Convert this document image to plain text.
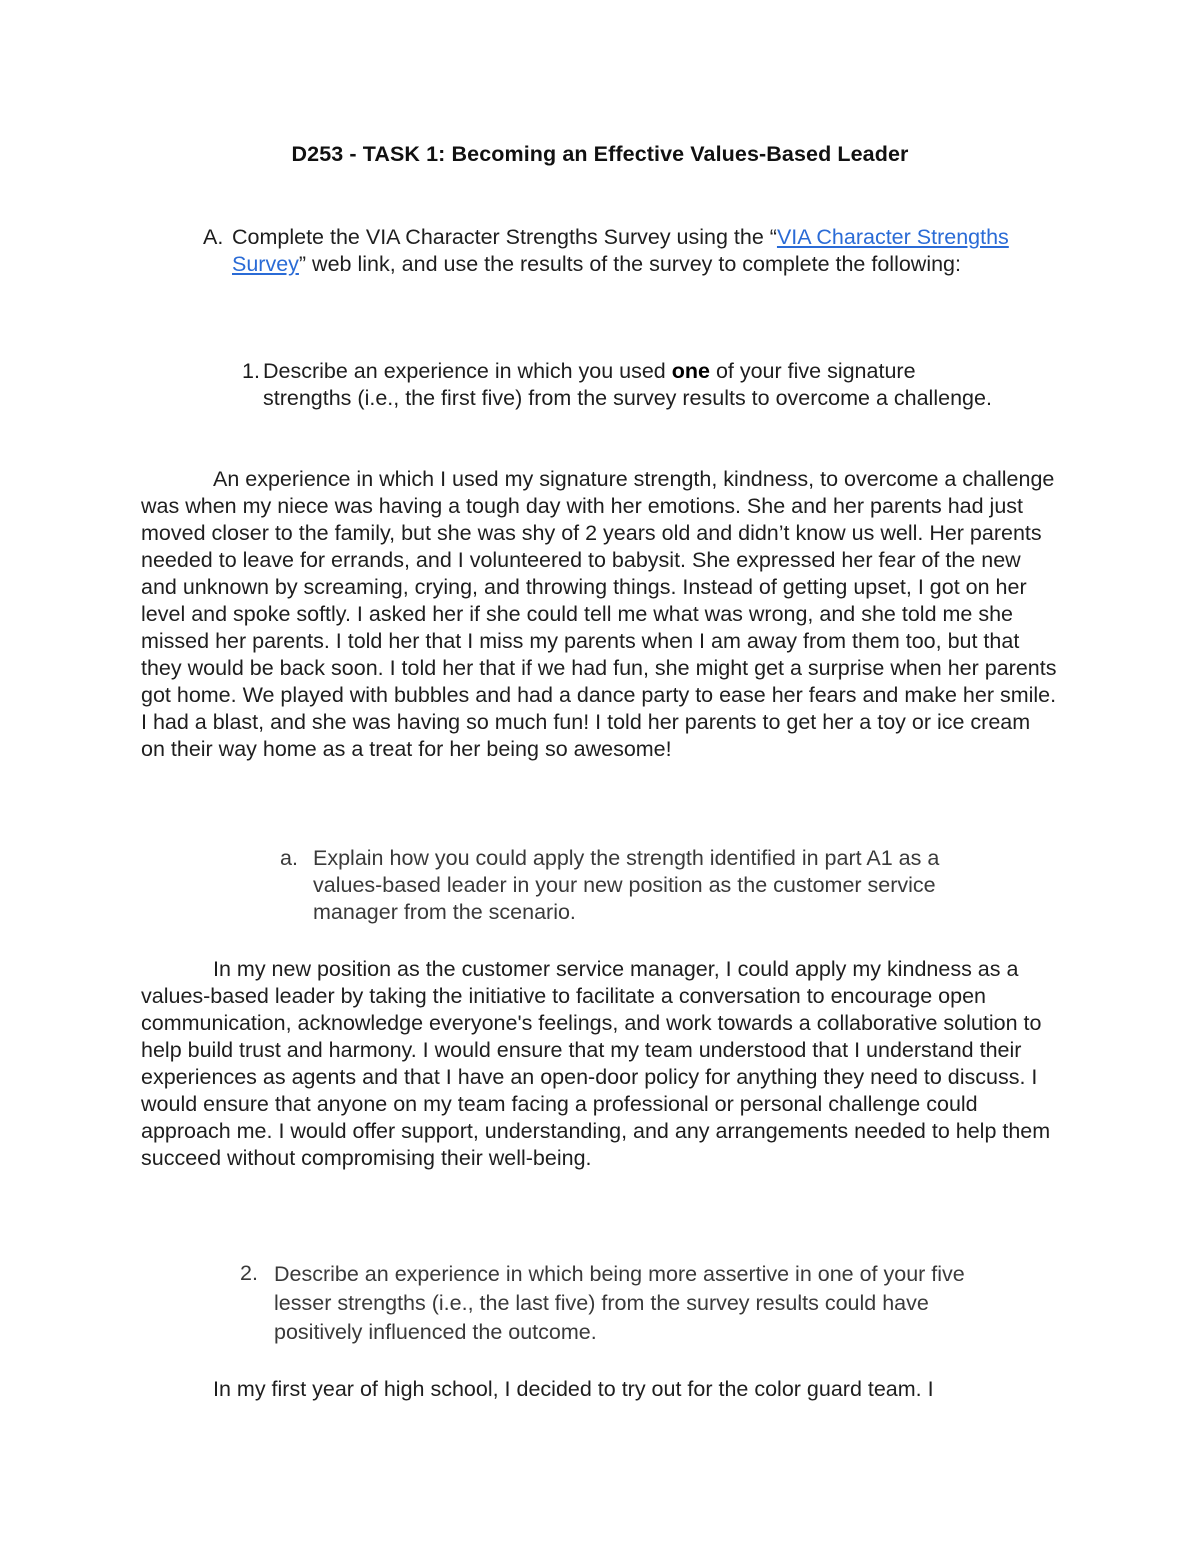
D253 - TASK 1: Becoming an Effective Values-Based Leader
A. Complete the VIA Character Strengths Survey using the “VIA Character Strengths Survey” web link, and use the results of the survey to complete the following:
1. Describe an experience in which you used one of your five signature strengths (i.e., the first five) from the survey results to overcome a challenge.
An experience in which I used my signature strength, kindness, to overcome a challenge was when my niece was having a tough day with her emotions. She and her parents had just moved closer to the family, but she was shy of 2 years old and didn’t know us well. Her parents needed to leave for errands, and I volunteered to babysit. She expressed her fear of the new and unknown by screaming, crying, and throwing things. Instead of getting upset, I got on her level and spoke softly. I asked her if she could tell me what was wrong, and she told me she missed her parents. I told her that I miss my parents when I am away from them too, but that they would be back soon. I told her that if we had fun, she might get a surprise when her parents got home. We played with bubbles and had a dance party to ease her fears and make her smile. I had a blast, and she was having so much fun! I told her parents to get her a toy or ice cream on their way home as a treat for her being so awesome!
a. Explain how you could apply the strength identified in part A1 as a values-based leader in your new position as the customer service manager from the scenario.
In my new position as the customer service manager, I could apply my kindness as a values-based leader by taking the initiative to facilitate a conversation to encourage open communication, acknowledge everyone's feelings, and work towards a collaborative solution to help build trust and harmony. I would ensure that my team understood that I understand their experiences as agents and that I have an open-door policy for anything they need to discuss. I would ensure that anyone on my team facing a professional or personal challenge could approach me. I would offer support, understanding, and any arrangements needed to help them succeed without compromising their well-being.
2. Describe an experience in which being more assertive in one of your five lesser strengths (i.e., the last five) from the survey results could have positively influenced the outcome.
In my first year of high school, I decided to try out for the color guard team. I
